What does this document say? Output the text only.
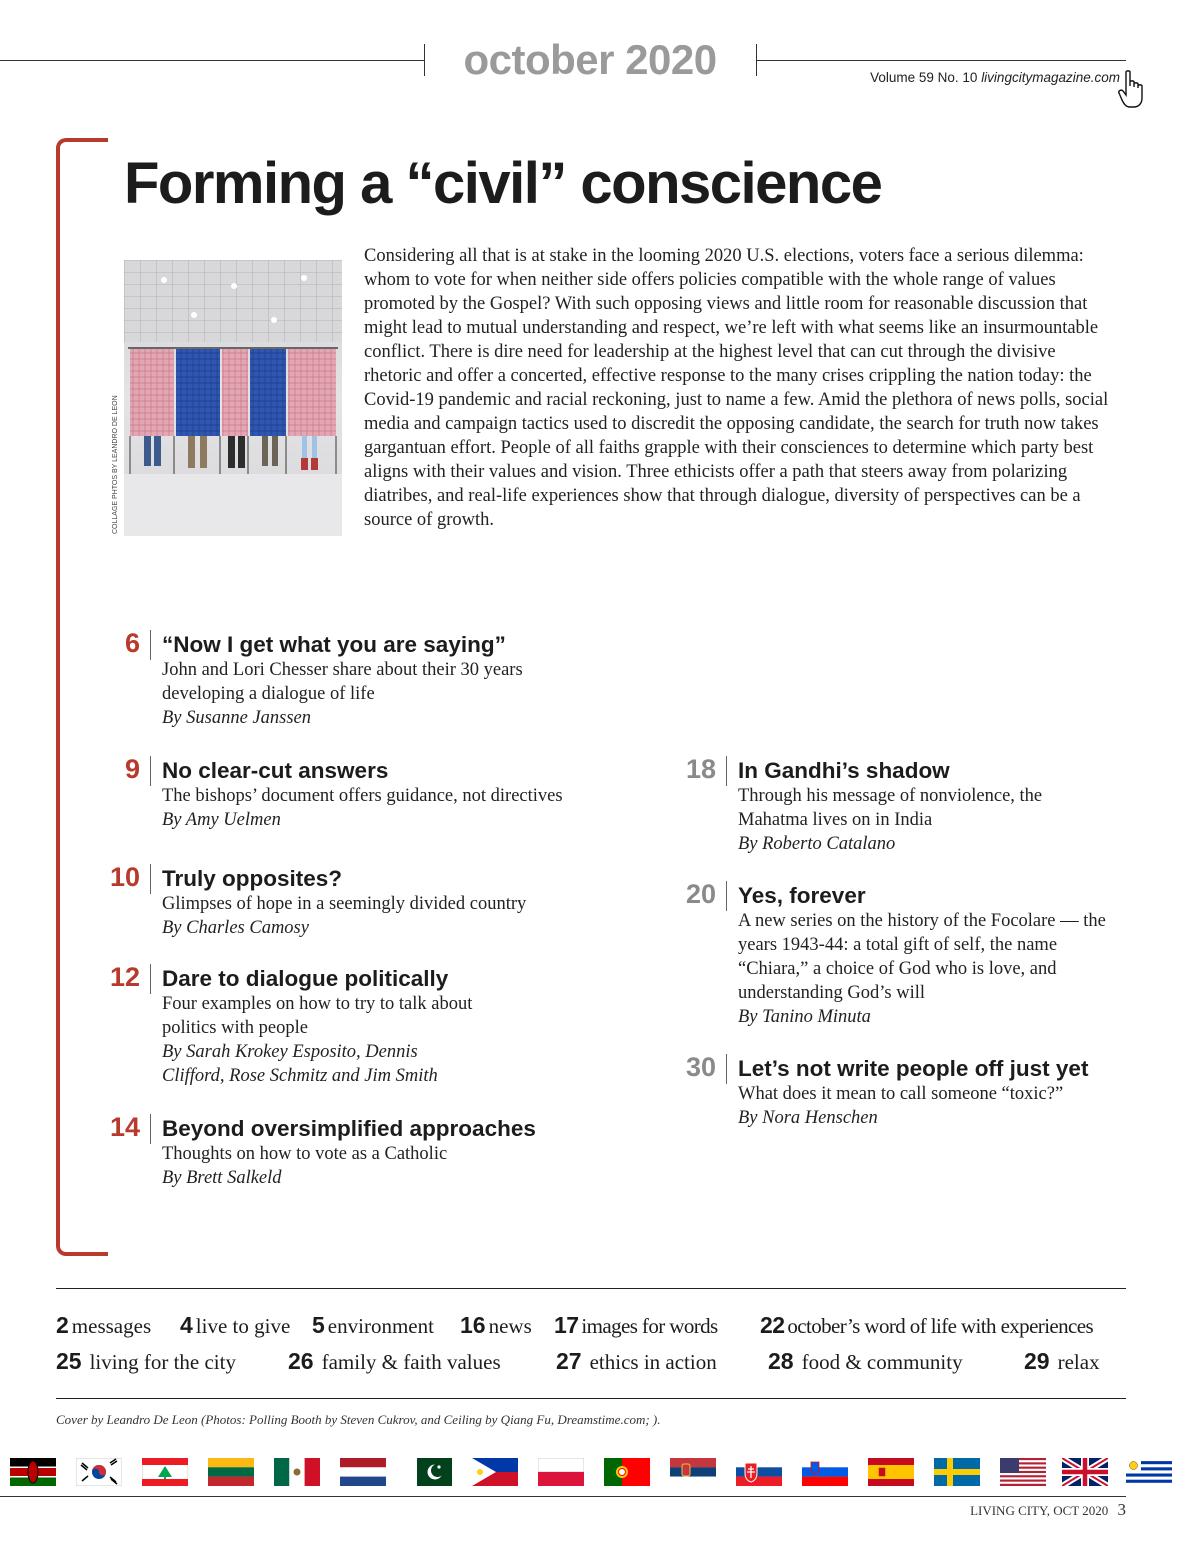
october 2020	Volume 59 No. 10 livingcitymagazine.com
Forming a “civil” conscience
COLLAGE PHTOS BY LEANDRO DE LEON
Considering all that is at stake in the looming 2020 U.S. elections, voters face a serious dilemma: whom to vote for when neither side offers policies compatible with the whole range of values promoted by the Gospel? With such opposing views and little room for reasonable discussion that might lead to mutual understanding and respect, we’re left with what seems like an insurmountable conflict. There is dire need for leadership at the highest level that can cut through the divisive rhetoric and offer a concerted, effective response to the many crises crippling the nation today: the Covid-19 pandemic and racial reckoning, just to name a few. Amid the plethora of news polls, social media and campaign tactics used to discredit the opposing candidate, the search for truth now takes gargantuan effort. People of all faiths grapple with their consciences to determine which party best aligns with their values and vision. Three ethicists offer a path that steers away from polarizing diatribes, and real-life experiences show that through dialogue, diversity of perspectives can be a source of growth.
6 “Now I get what you are saying”
John and Lori Chesser share about their 30 years developing a dialogue of life
By Susanne Janssen
9 No clear-cut answers
The bishops’ document offers guidance, not directives
By Amy Uelmen
10 Truly opposites?
Glimpses of hope in a seemingly divided country
By Charles Camosy
12 Dare to dialogue politically
Four examples on how to try to talk about politics with people
By Sarah Krokey Esposito, Dennis Clifford, Rose Schmitz and Jim Smith
14 Beyond oversimplified approaches
Thoughts on how to vote as a Catholic
By Brett Salkeld
18 In Gandhi’s shadow
Through his message of nonviolence, the Mahatma lives on in India
By Roberto Catalano
20 Yes, forever
A new series on the history of the Focolare — the years 1943-44: a total gift of self, the name “Chiara,” a choice of God who is love, and understanding God’s will
By Tanino Minuta
30 Let’s not write people off just yet
What does it mean to call someone “toxic?”
By Nora Henschen
2 messages 4 live to give 5 environment 16 news 17 images for words 22 october’s word of life with experiences
25 living for the city 26 family & faith values 27 ethics in action 28 food & community	29 relax
Cover by Leandro De Leon (Photos: Polling Booth by Steven Cukrov, and Ceiling by Qiang Fu, Dreamstime.com; ).
LIVING CITY, OCT 2020 3
